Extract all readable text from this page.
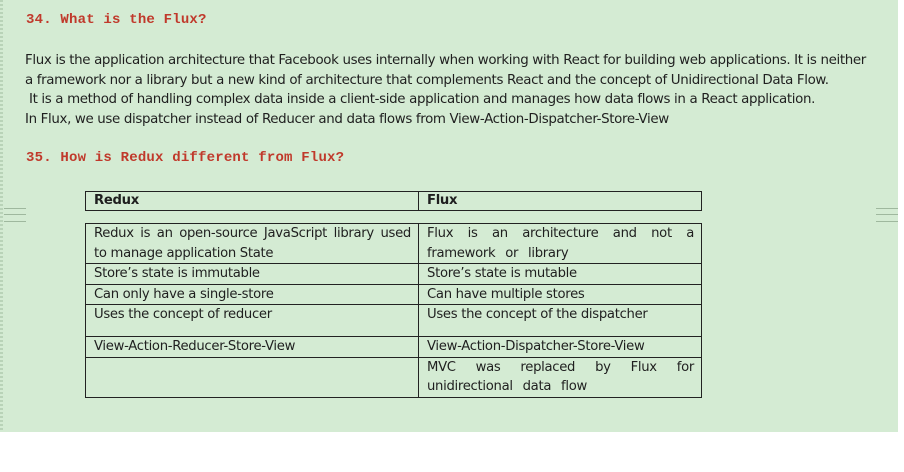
34. What is the Flux?
Flux is the application architecture that Facebook uses internally when working with React for building web applications. It is neither
a framework nor a library but a new kind of architecture that complements React and the concept of Unidirectional Data Flow.
It is a method of handling complex data inside a client-side application and manages how data flows in a React application.
In Flux, we use dispatcher instead of Reducer and data flows from View-Action-Dispatcher-Store-View
35. How is Redux different from Flux?
Redux	Flux
Redux is an open-source JavaScript library used to manage application State	Flux is an architecture and not a framework or library
Store’s state is immutable	Store’s state is mutable
Can only have a single-store	Can have multiple stores
Uses the concept of reducer	Uses the concept of the dispatcher
View-Action-Reducer-Store-View	View-Action-Dispatcher-Store-View
	MVC was replaced by Flux for unidirectional data flow
